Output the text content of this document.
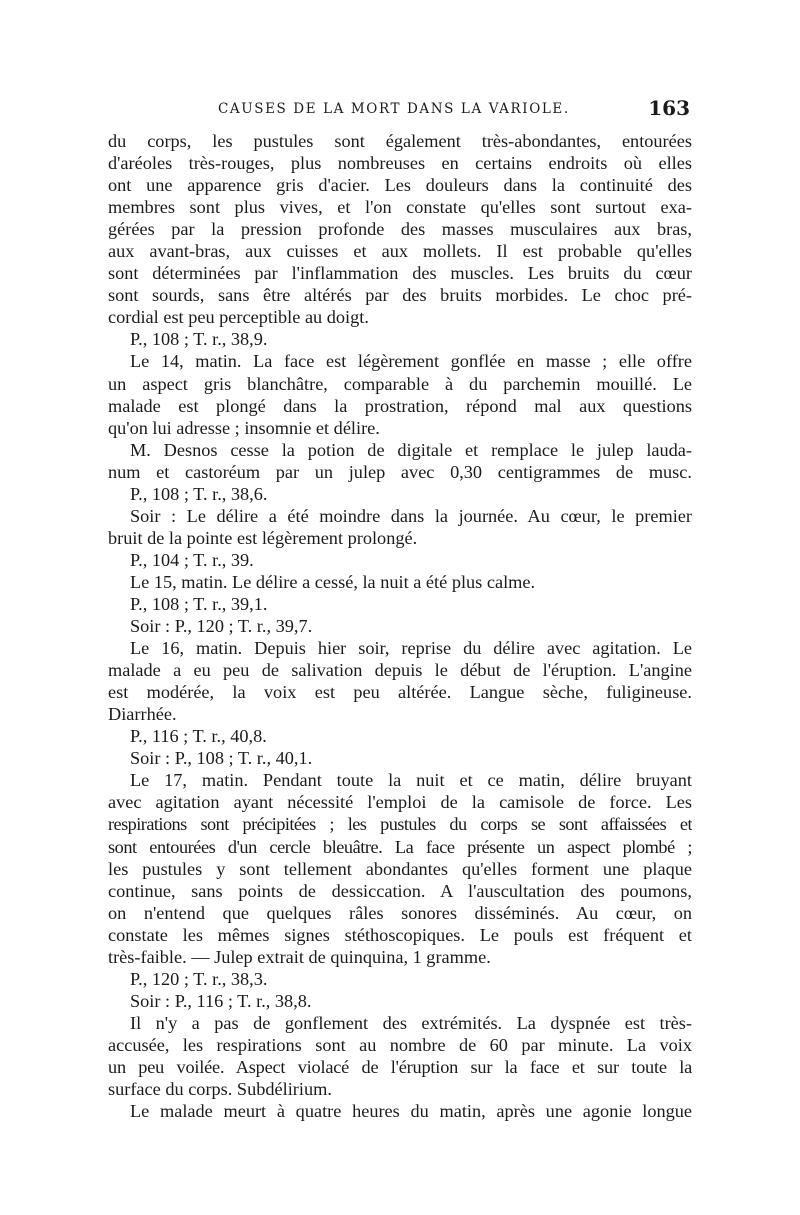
CAUSES DE LA MORT DANS LA VARIOLE.	163
du corps, les pustules sont également très-abondantes, entourées
d'aréoles très-rouges, plus nombreuses en certains endroits où elles
ont une apparence gris d'acier. Les douleurs dans la continuité des
membres sont plus vives, et l'on constate qu'elles sont surtout exa-
gérées par la pression profonde des masses musculaires aux bras,
aux avant-bras, aux cuisses et aux mollets. Il est probable qu'elles
sont déterminées par l'inflammation des muscles. Les bruits du cœur
sont sourds, sans être altérés par des bruits morbides. Le choc pré-
cordial est peu perceptible au doigt.
P., 108 ; T. r., 38,9.
Le 14, matin. La face est légèrement gonflée en masse ; elle offre
un aspect gris blanchâtre, comparable à du parchemin mouillé. Le
malade est plongé dans la prostration, répond mal aux questions
qu'on lui adresse ; insomnie et délire.
M. Desnos cesse la potion de digitale et remplace le julep lauda-
num et castoréum par un julep avec 0,30 centigrammes de musc.
P., 108 ; T. r., 38,6.
Soir : Le délire a été moindre dans la journée. Au cœur, le premier
bruit de la pointe est légèrement prolongé.
P., 104 ; T. r., 39.
Le 15, matin. Le délire a cessé, la nuit a été plus calme.
P., 108 ; T. r., 39,1.
Soir : P., 120 ; T. r., 39,7.
Le 16, matin. Depuis hier soir, reprise du délire avec agitation. Le
malade a eu peu de salivation depuis le début de l'éruption. L'angine
est modérée, la voix est peu altérée. Langue sèche, fuligineuse.
Diarrhée.
P., 116 ; T. r., 40,8.
Soir : P., 108 ; T. r., 40,1.
Le 17, matin. Pendant toute la nuit et ce matin, délire bruyant
avec agitation ayant nécessité l'emploi de la camisole de force. Les
respirations sont précipitées ; les pustules du corps se sont affaissées et
sont entourées d'un cercle bleuâtre. La face présente un aspect plombé ;
les pustules y sont tellement abondantes qu'elles forment une plaque
continue, sans points de dessiccation. A l'auscultation des poumons,
on n'entend que quelques râles sonores disséminés. Au cœur, on
constate les mêmes signes stéthoscopiques. Le pouls est fréquent et
très-faible. — Julep extrait de quinquina, 1 gramme.
P., 120 ; T. r., 38,3.
Soir : P., 116 ; T. r., 38,8.
Il n'y a pas de gonflement des extrémités. La dyspnée est très-
accusée, les respirations sont au nombre de 60 par minute. La voix
un peu voilée. Aspect violacé de l'éruption sur la face et sur toute la
surface du corps. Subdélirium.
Le malade meurt à quatre heures du matin, après une agonie longue
